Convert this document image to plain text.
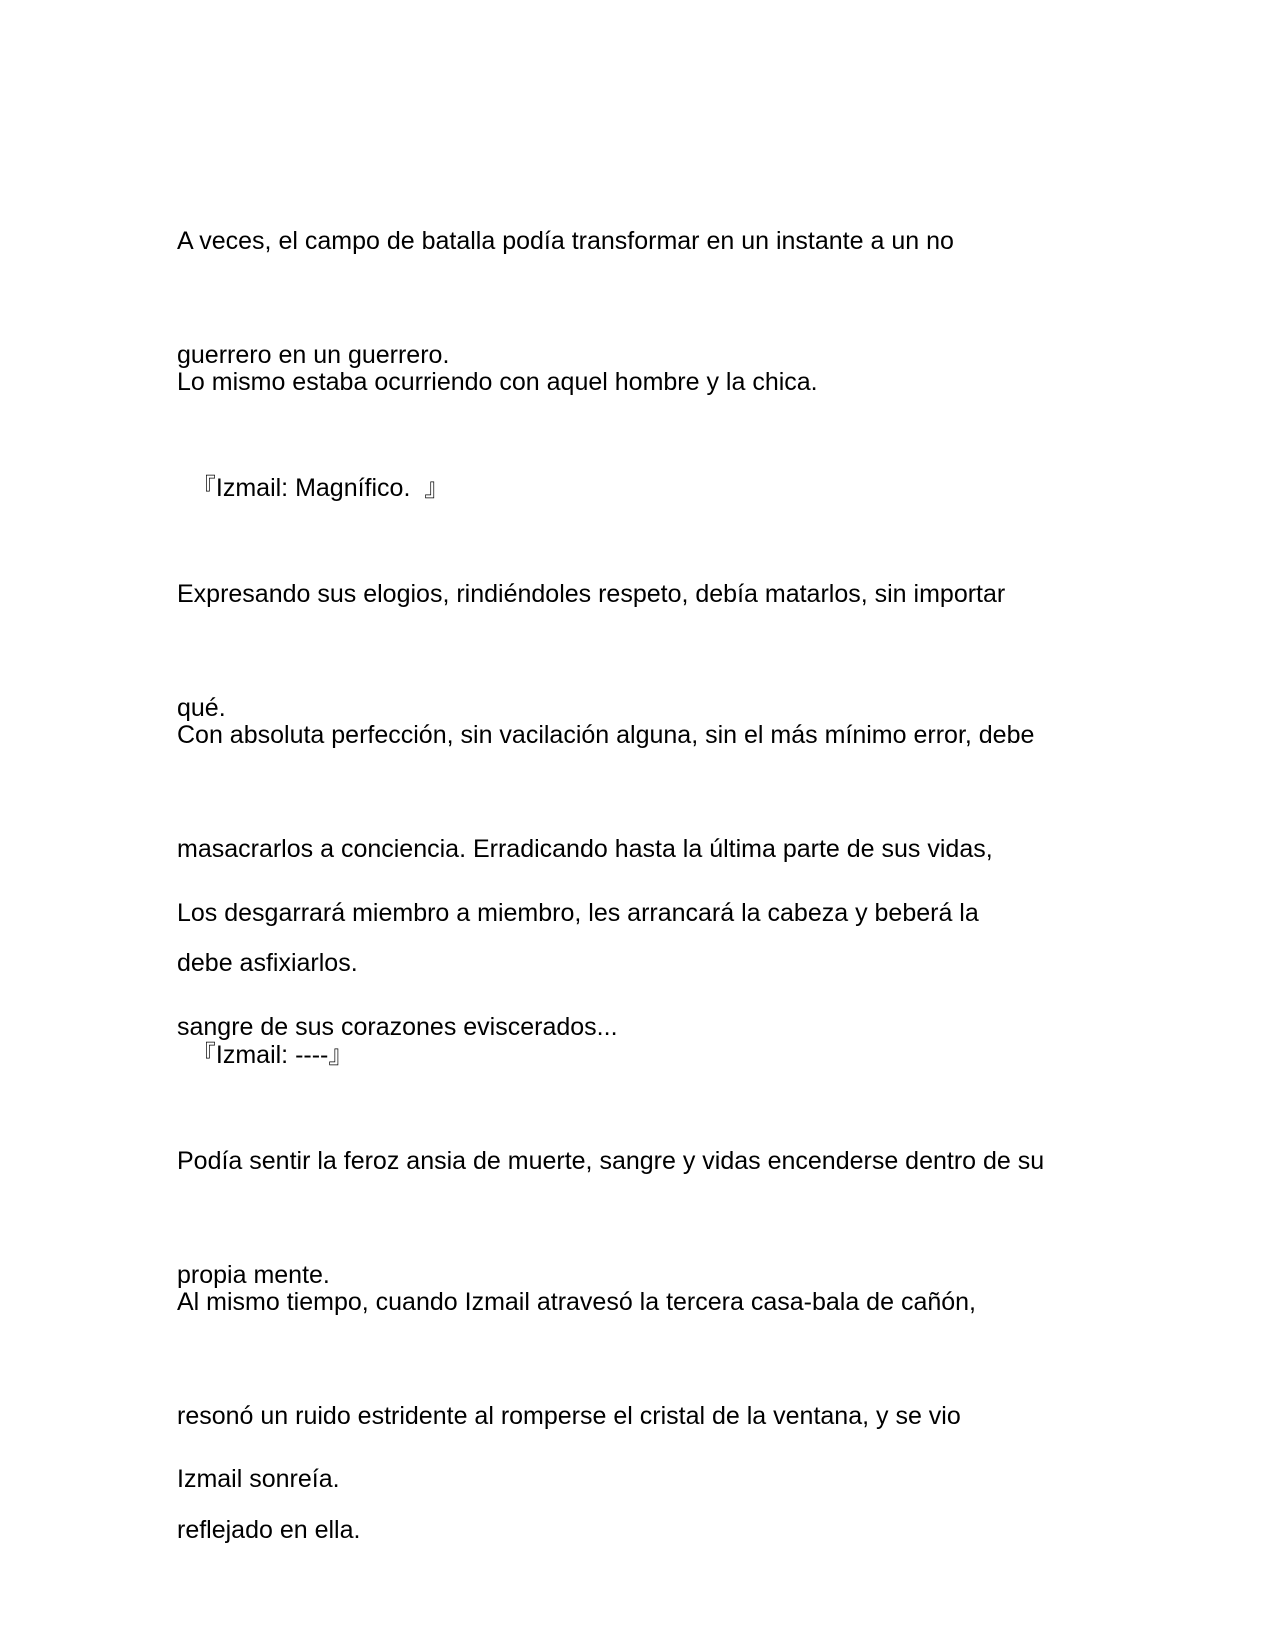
A veces, el campo de batalla podía transformar en un instante a un no

guerrero en un guerrero.

Lo mismo estaba ocurriendo con aquel hombre y la chica.

『Izmail: Magnífico.  』

Expresando sus elogios, rindiéndoles respeto, debía matarlos, sin importar

qué.

Con absoluta perfección, sin vacilación alguna, sin el más mínimo error, debe

masacrarlos a conciencia. Erradicando hasta la última parte de sus vidas,

debe asfixiarlos.

Los desgarrará miembro a miembro, les arrancará la cabeza y beberá la

sangre de sus corazones eviscerados...

『Izmail: ----』

Podía sentir la feroz ansia de muerte, sangre y vidas encenderse dentro de su

propia mente.

Al mismo tiempo, cuando Izmail atravesó la tercera casa-bala de cañón,

resonó un ruido estridente al romperse el cristal de la ventana, y se vio

reflejado en ella.

Izmail sonreía.
